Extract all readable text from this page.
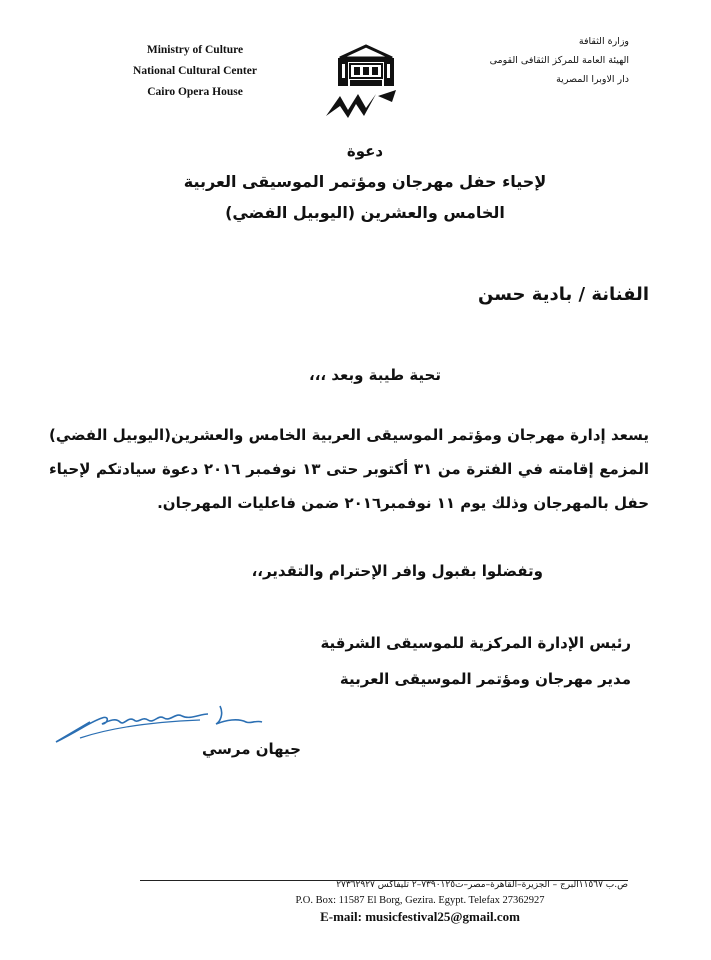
Ministry of Culture
National Cultural Center
Cairo Opera House
وزارة الثقافة
الهيئة العامة للمركز الثقافى القومى
دار الاوبرا المصرية
دعوة
لإحياء حفل مهرجان ومؤتمر الموسيقى العربية
الخامس والعشرين (اليوبيل الفضي)
الفنانة / بادية حسن
تحية طيبة وبعد ،،،
يسعد إدارة مهرجان ومؤتمر الموسيقى العربية الخامس والعشرين(اليوبيل الفضي) المزمع إقامته في الفترة من ٣١ أكتوبر حتى ١٣ نوفمبر ٢٠١٦ دعوة سيادتكم لإحياء حفل بالمهرجان وذلك يوم ١١ نوفمبر٢٠١٦ ضمن فاعليات المهرجان.
وتفضلوا بقبول وافر الإحترام والتقدير،،
رئيس الإدارة المركزية للموسيقى الشرقية
مدير مهرجان ومؤتمر الموسيقى العربية
جيهان مرسي
ص.ب ١١٥٦٧البرج – الجزيرة–القاهرة–مصر–ت٧٣٩٠١٢٥–٢ تليفاكس ٢٧٣٦٢٩٢٧
P.O. Box: 11587 El Borg, Gezira. Egypt. Telefax 27362927
E-mail: musicfestival25@gmail.com
